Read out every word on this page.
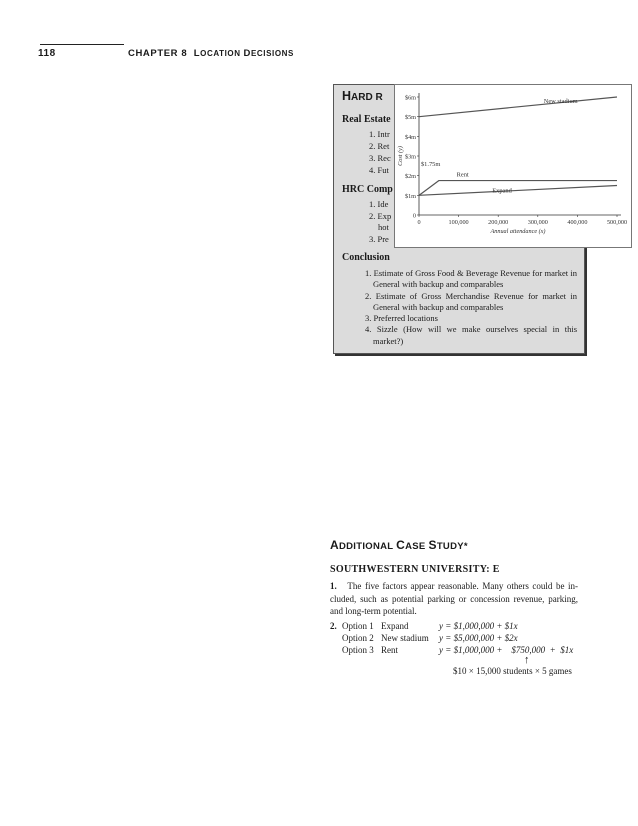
118	CHAPTER 8 LOCATION DECISIONS
HARD R
Real Estate
1. Intr
2. Ret
3. Rec
4. Fut
HRC Comp
1. Ide
2. Exp
hot
3. Pre
Conclusion
1. Estimate of Gross Food & Beverage Revenue for market in General with backup and comparables
2. Estimate of Gross Merchandise Revenue for market in General with backup and comparables
3. Preferred locations
4. Sizzle (How will we make ourselves special in this market?)
0
$1m
$2m
$3m
$4m
$5m
$6m
0	100,000	200,000	300,000	400,000	500,000
Annual attendance (x)
Cost (y)
New stadium
Rent
Expand
$1.75m
ADDITIONAL CASE STUDY*
SOUTHWESTERN UNIVERSITY: E
1. The five factors appear reasonable. Many others could be in-cluded, such as potential parking or concession revenue, parking, and long-term potential.
2. Option 1 Expand	y = $1,000,000 + $1x
Option 2 New stadium y = $5,000,000 + $2x
Option 3 Rent	y = $1,000,000 +    $750,000  +  $1x
↑
$10 × 15,000 students × 5 games
